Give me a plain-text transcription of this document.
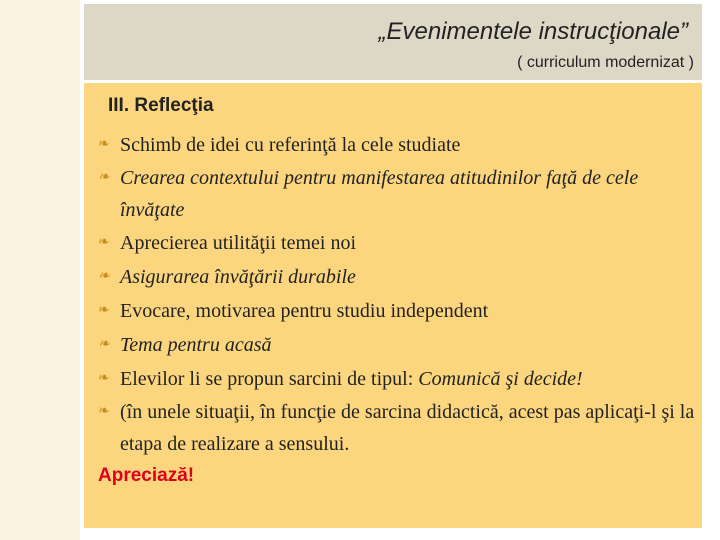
„Evenimentele instrucţionale”
( curriculum modernizat )
III. Reflecţia
❧ Schimb de idei cu referinţă la cele studiate
❧ Crearea contextului pentru manifestarea atitudinilor faţă de cele învăţate
❧ Aprecierea utilităţii temei noi
❧ Asigurarea învăţării durabile
❧ Evocare, motivarea pentru studiu independent
❧ Tema pentru acasă
❧ Elevilor li se propun sarcini de tipul: Comunică şi decide!
❧ (în unele situaţii, în funcţie de sarcina didactică, acest pas aplicaţi-l şi la etapa de realizare a sensului.
Apreciază!
